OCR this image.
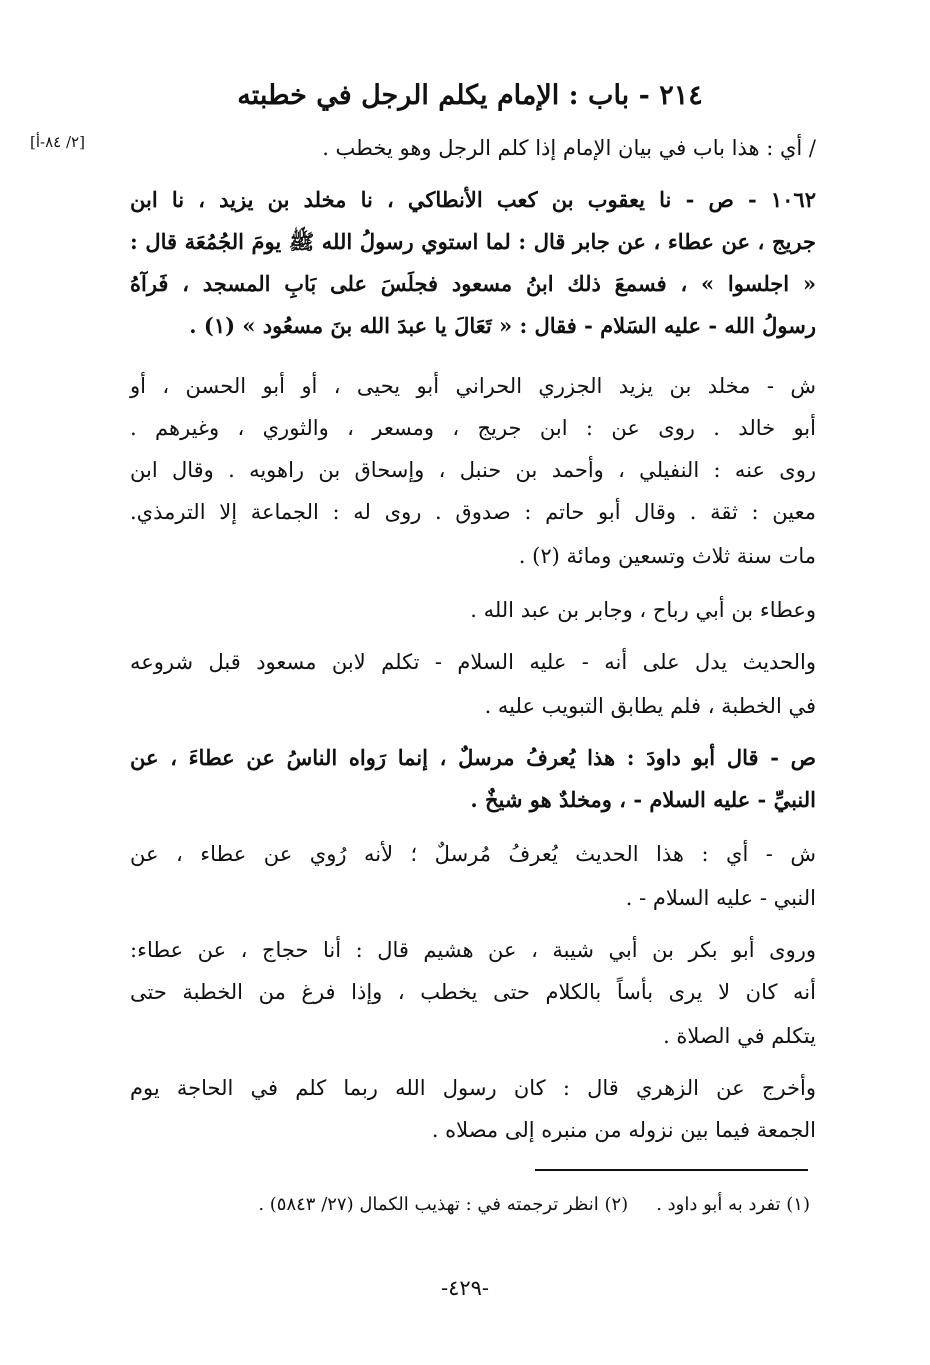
٢١٤ - باب : الإمام يكلم الرجل في خطبته
[٢/ ٨٤-أ]	/ أي : هذا باب في بيان الإمام إذا كلم الرجل وهو يخطب .
١٠٦٢ - ص - نا يعقوب بن كعب الأنطاكي ، نا مخلد بن يزيد ، نا ابن
جريج ، عن عطاء ، عن جابر قال : لما استوي رسولُ الله ﷺ يومَ الجُمُعَة قال :
« اجلسوا » ، فسمعَ ذلك ابنُ مسعود فجلَسَ على بَابِ المسجد ، فَرآهُ
رسولُ الله - عليه السَلام - فقال : « تَعَالَ يا عبدَ الله بنَ مسعُود » (١) .
ش - مخلد بن يزيد الجزري الحراني أبو يحيى ، أو أبو الحسن ، أو
أبو خالد . روى عن : ابن جريج ، ومسعر ، والثوري ، وغيرهم .
روى عنه : النفيلي ، وأحمد بن حنبل ، وإسحاق بن راهويه . وقال ابن
معين : ثقة . وقال أبو حاتم : صدوق . روى له : الجماعة إلا الترمذي.
مات سنة ثلاث وتسعين ومائة (٢) .
وعطاء بن أبي رباح ، وجابر بن عبد الله .
والحديث يدل على أنه - عليه السلام - تكلم لابن مسعود قبل شروعه
في الخطبة ، فلم يطابق التبويب عليه .
ص - قال أبو داودَ : هذا يُعرفُ مرسلٌ ، إنما رَواه الناسُ عن عطاءَ ، عن
النبيِّ - عليه السلام - ، ومخلدٌ هو شيخٌ .
ش - أي : هذا الحديث يُعرفُ مُرسلٌ ؛ لأنه رُوي عن عطاء ، عن
النبي - عليه السلام - .
وروى أبو بكر بن أبي شيبة ، عن هشيم قال : أنا حجاج ، عن عطاء:
أنه كان لا يرى بأساً بالكلام حتى يخطب ، وإذا فرغ من الخطبة حتى
يتكلم في الصلاة .
وأخرج عن الزهري قال : كان رسول الله ربما كلم في الحاجة يوم
الجمعة فيما بين نزوله من منبره إلى مصلاه .
(١) تفرد به أبو داود .(٢) انظر ترجمته في : تهذيب الكمال (٢٧/ ٥٨٤٣) .
-٤٢٩-
